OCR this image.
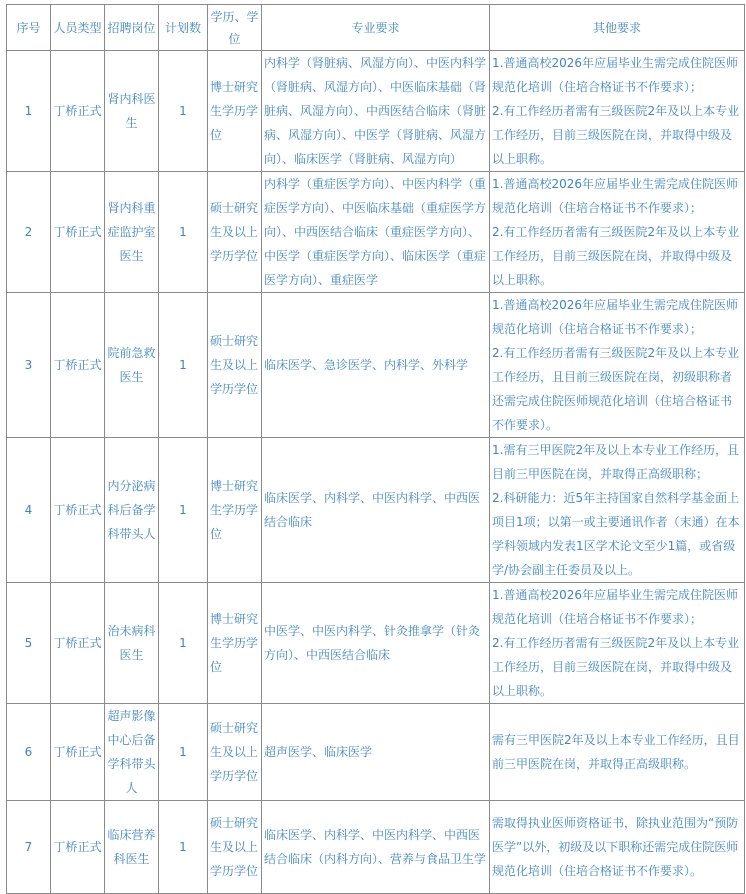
序号	人员类型	招聘岗位	计划数	学历、学位	专业要求	其他要求
1	丁桥正式	肾内科医生	1	博士研究生学历学位	内科学（肾脏病、风湿方向）、中医内科学（肾脏病、风湿方向）、中医临床基础（肾脏病、风湿方向）、中西医结合临床（肾脏病、风湿方向）、中医学（肾脏病、风湿方向）、临床医学（肾脏病、风湿方向）	1.普通高校2026年应届毕业生需完成住院医师规范化培训（住培合格证书不作要求）；
2.有工作经历者需有三级医院2年及以上本专业工作经历，目前三级医院在岗，并取得中级及以上职称。

2	丁桥正式	肾内科重症监护室医生	1	硕士研究生及以上学历学位	内科学（重症医学方向）、中医内科学（重症医学方向）、中医临床基础（重症医学方向）、中西医结合临床（重症医学方向）、中医学（重症医学方向）、临床医学（重症医学方向）、重症医学	1.普通高校2026年应届毕业生需完成住院医师规范化培训（住培合格证书不作要求）；
2.有工作经历者需有三级医院2年及以上本专业工作经历，目前三级医院在岗，并取得中级及以上职称。

3	丁桥正式	院前急救医生	1	硕士研究生及以上学历学位	临床医学、急诊医学、内科学、外科学	1.普通高校2026年应届毕业生需完成住院医师规范化培训（住培合格证书不作要求）；
2.有工作经历者需有三级医院2年及以上本专业工作经历，且目前三级医院在岗，初级职称者还需完成住院医师规范化培训（住培合格证书不作要求）。

4	丁桥正式	内分泌病科后备学科带头人	1	博士研究生学历学位	临床医学、内科学、中医内科学、中西医结合临床	1.需有三甲医院2年及以上本专业工作经历，且目前三甲医院在岗，并取得正高级职称；
2.科研能力：近5年主持国家自然科学基金面上项目1项；以第一或主要通讯作者（末通）在本学科领域内发表1区学术论文至少1篇，或省级学/协会副主任委员及以上。

5	丁桥正式	治未病科医生	1	博士研究生学历学位	中医学、中医内科学、针灸推拿学（针灸方向）、中西医结合临床	1.普通高校2026年应届毕业生需完成住院医师规范化培训（住培合格证书不作要求）；
2.有工作经历者需有三级医院2年及以上本专业工作经历，目前三级医院在岗，并取得中级及以上职称。

6	丁桥正式	超声影像中心后备学科带头人	1	硕士研究生及以上学历学位	超声医学、临床医学	需有三甲医院2年及以上本专业工作经历，且目前三甲医院在岗，并取得正高级职称。

7	丁桥正式	临床营养科医生	1	硕士研究生及以上学历学位	临床医学、内科学、中医内科学、中西医结合临床（内科方向）、营养与食品卫生学	需取得执业医师资格证书，除执业范围为“预防医学”以外，初级及以下职称还需完成住院医师规范化培训（住培合格证书不作要求）。
